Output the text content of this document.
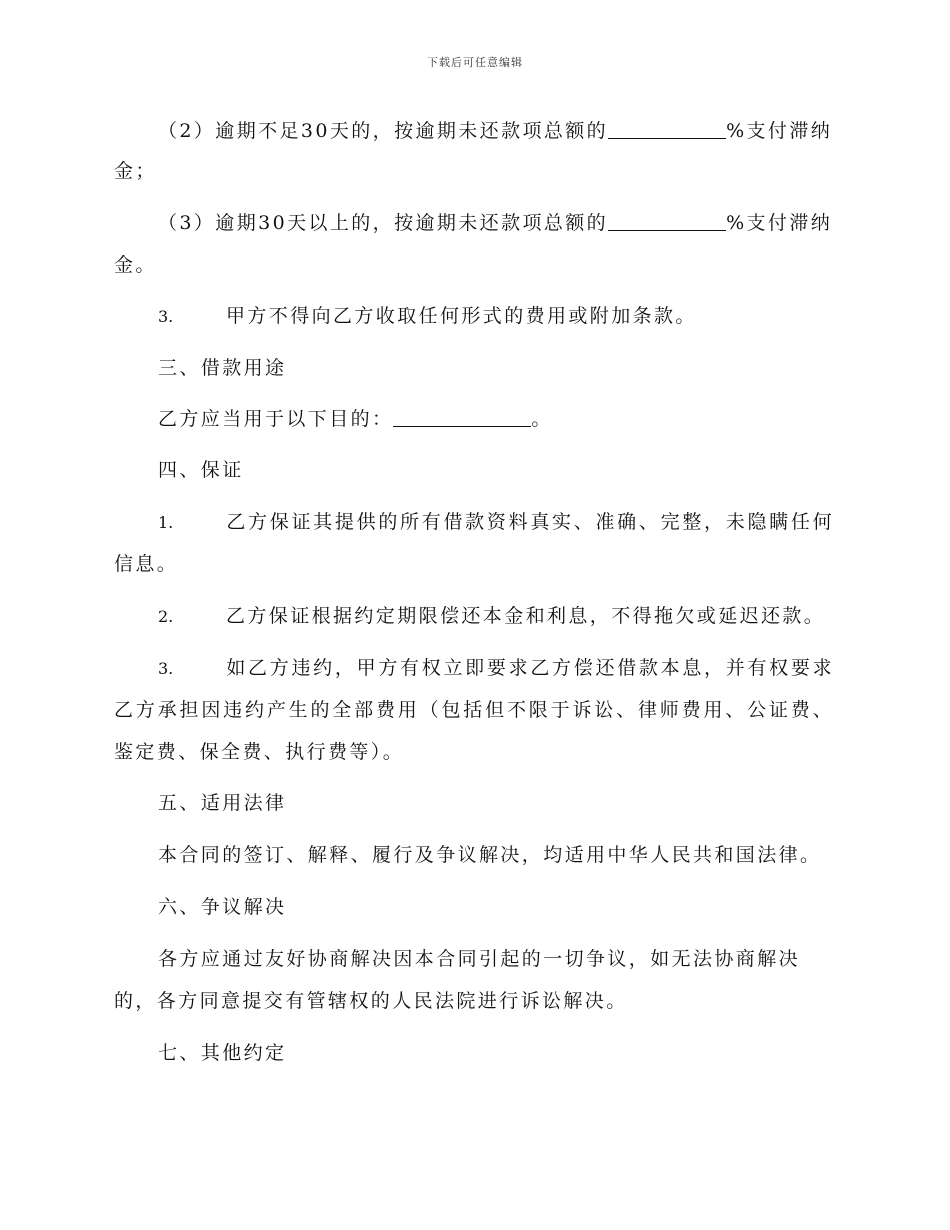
下载后可任意编辑
（2）逾期不足30天的，按逾期未还款项总额的	%支付滞纳
金；
（3）逾期30天以上的，按逾期未还款项总额的	%支付滞纳
金。
3.	甲方不得向乙方收取任何形式的费用或附加条款。
三、借款用途
乙方应当用于以下目的：	。
四、保证
1.	乙方保证其提供的所有借款资料真实、准确、完整，未隐瞒任何
信息。
2.	乙方保证根据约定期限偿还本金和利息，不得拖欠或延迟还款。
3.	如乙方违约，甲方有权立即要求乙方偿还借款本息，并有权要求
乙方承担因违约产生的全部费用（包括但不限于诉讼、律师费用、公证费、
鉴定费、保全费、执行费等）。
五、适用法律
本合同的签订、解释、履行及争议解决，均适用中华人民共和国法律。
六、争议解决
各方应通过友好协商解决因本合同引起的一切争议，如无法协商解决
的，各方同意提交有管辖权的人民法院进行诉讼解决。
七、其他约定
